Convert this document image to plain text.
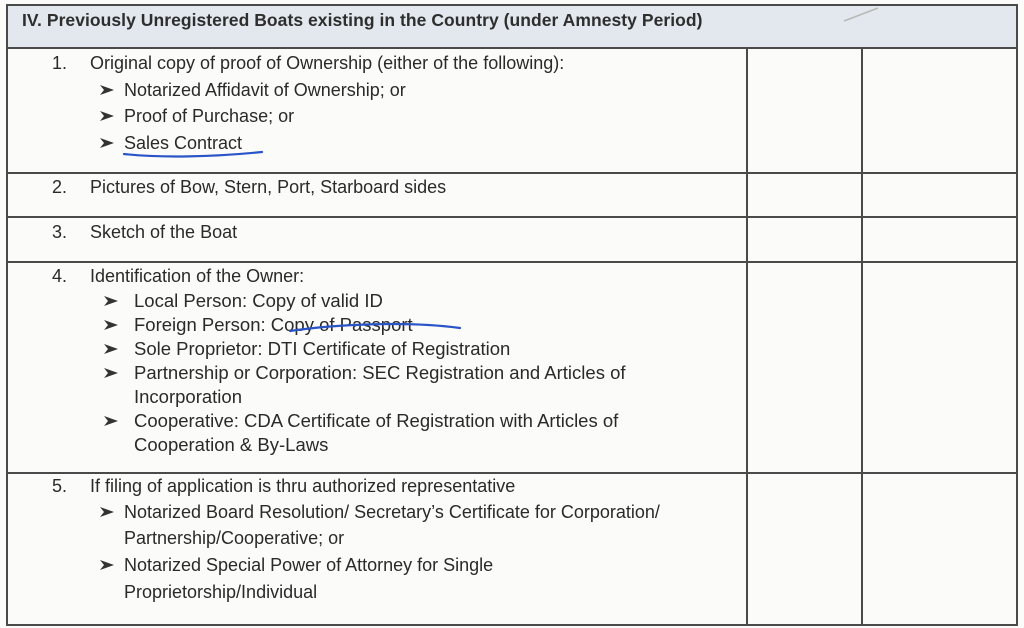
IV. Previously Unregistered Boats existing in the Country (under Amnesty Period)
1. Original copy of proof of Ownership (either of the following):
Notarized Affidavit of Ownership; or
Proof of Purchase; or
Sales Contract
2. Pictures of Bow, Stern, Port, Starboard sides
3. Sketch of the Boat
4. Identification of the Owner:
Local Person: Copy of valid ID
Foreign Person: Copy of Passport
Sole Proprietor: DTI Certificate of Registration
Partnership or Corporation: SEC Registration and Articles of
Incorporation
Cooperative: CDA Certificate of Registration with Articles of
Cooperation & By-Laws
5. If filing of application is thru authorized representative
Notarized Board Resolution/ Secretary’s Certificate for Corporation/
Partnership/Cooperative; or
Notarized Special Power of Attorney for Single
Proprietorship/Individual
